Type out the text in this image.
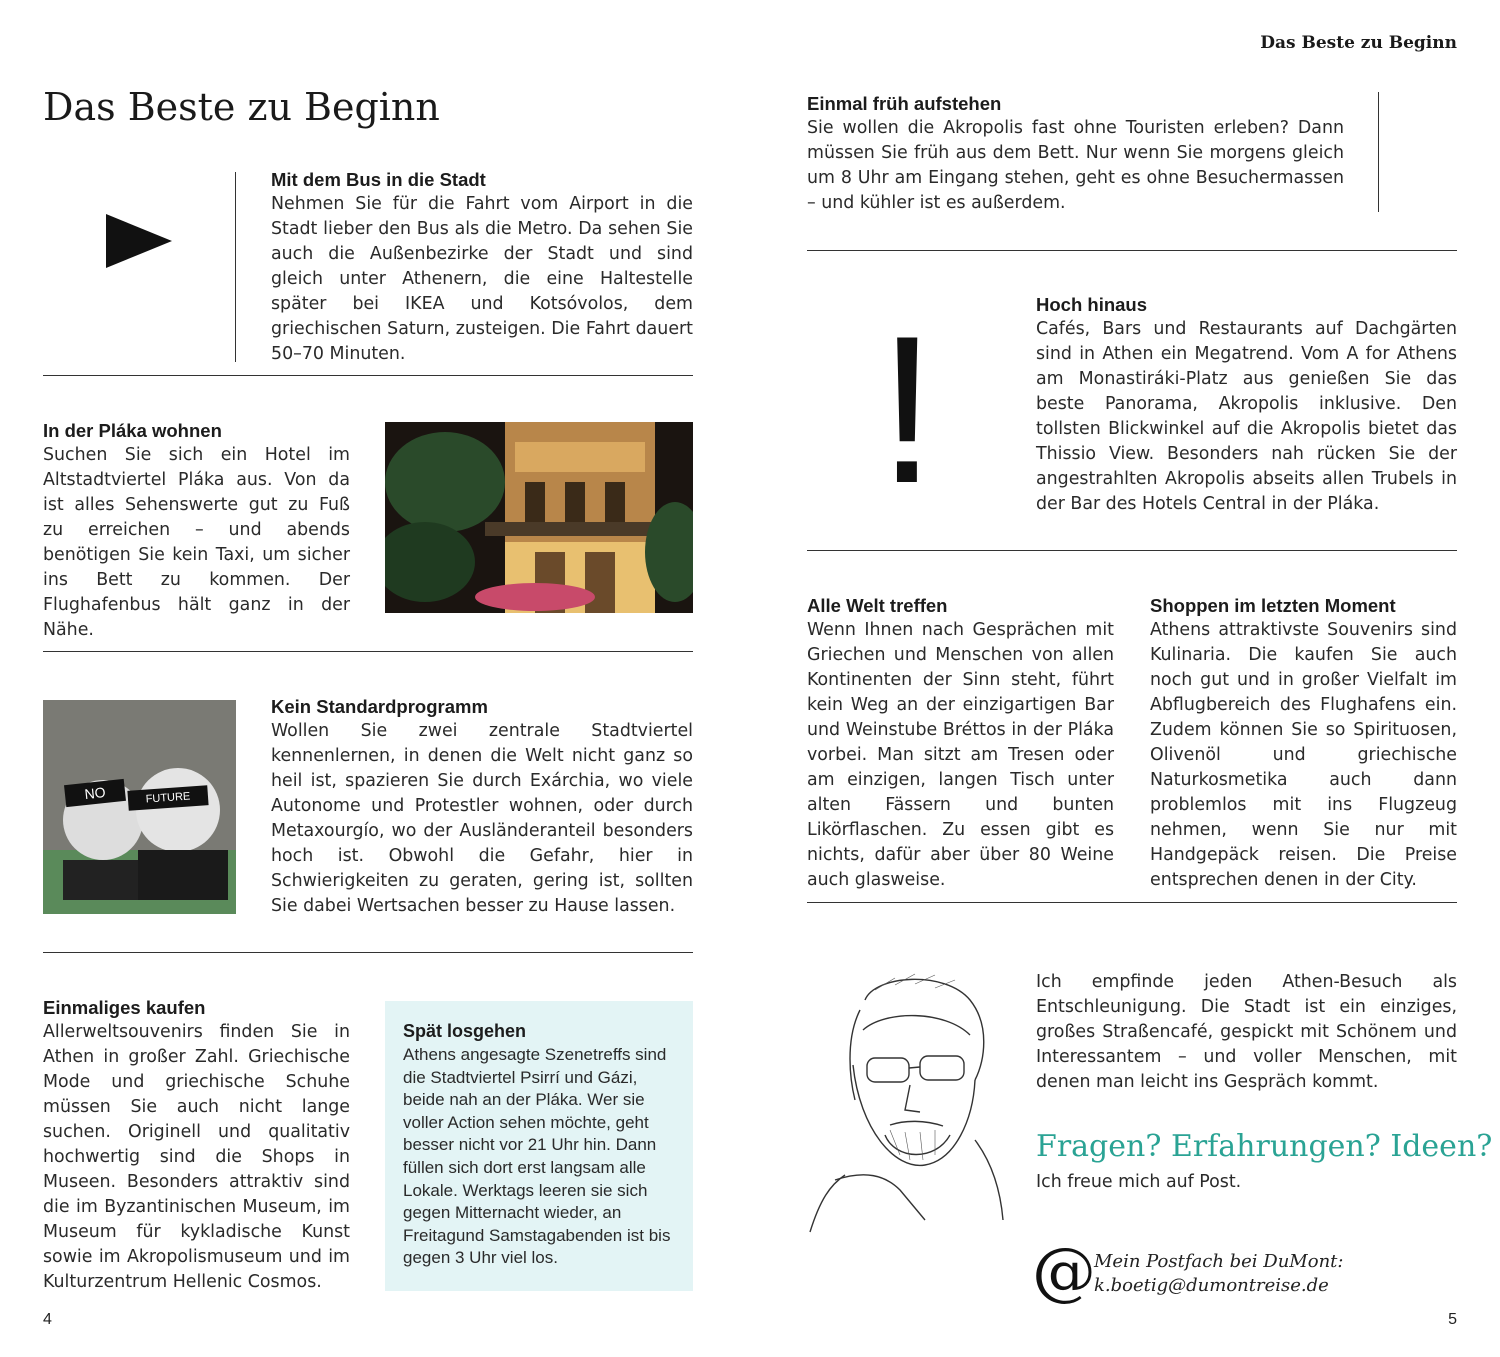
Das Beste zu Beginn
Das Beste zu Beginn
Mit dem Bus in die Stadt
Nehmen Sie für die Fahrt vom Airport in die Stadt lieber den Bus als die Metro. Da sehen Sie auch die Außenbezirke der Stadt und sind gleich unter Athenern, die eine Haltestelle später bei IKEA und Kotsóvolos, dem griechischen Saturn, zusteigen. Die Fahrt dauert 50–70 Minuten.
In der Pláka wohnen
Suchen Sie sich ein Hotel im Altstadtviertel Pláka aus. Von da ist alles Sehenswerte gut zu Fuß zu erreichen – und abends benötigen Sie kein Taxi, um sicher ins Bett zu kommen. Der Flughafenbus hält ganz in der Nähe.
NO	FUTURE
Kein Standardprogramm
Wollen Sie zwei zentrale Stadtviertel kennenlernen, in denen die Welt nicht ganz so heil ist, spazieren Sie durch Exárchia, wo viele Autonome und Protestler wohnen, oder durch Metaxourgío, wo der Ausländeranteil besonders hoch ist. Obwohl die Gefahr, hier in Schwierigkeiten zu geraten, gering ist, sollten Sie dabei Wertsachen besser zu Hause lassen.
Einmaliges kaufen
Allerweltsouvenirs finden Sie in Athen in großer Zahl. Griechische Mode und griechische Schuhe müssen Sie auch nicht lange suchen. Originell und qualitativ hochwertig sind die Shops in Museen. Besonders attraktiv sind die im Byzantinischen Museum, im Museum für kykladische Kunst sowie im Akropolismuseum und im Kulturzentrum Hellenic Cosmos.
Spät losgehen
Athens angesagte Szenetreffs sind die Stadtviertel Psirrí und Gázi, beide nah an der Pláka. Wer sie voller Action sehen möchte, geht besser nicht vor 21 Uhr hin. Dann füllen sich dort erst langsam alle Lokale. Werktags leeren sie sich gegen Mitternacht wieder, an Freitagund Samstagabenden ist bis gegen 3 Uhr viel los.
4
Einmal früh aufstehen
Sie wollen die Akropolis fast ohne Touristen erleben? Dann müssen Sie früh aus dem Bett. Nur wenn Sie morgens gleich um 8 Uhr am Eingang stehen, geht es ohne Besuchermassen – und kühler ist es außerdem.
!	Hoch hinaus
Cafés, Bars und Restaurants auf Dachgärten sind in Athen ein Megatrend. Vom A for Athens am Monastiráki-Platz aus genießen Sie das beste Panorama, Akropolis inklusive. Den tollsten Blickwinkel auf die Akropolis bietet das Thissio View. Besonders nah rücken Sie der angestrahlten Akropolis abseits allen Trubels in der Bar des Hotels Central in der Pláka.
Alle Welt treffen
Wenn Ihnen nach Gesprächen mit Griechen und Menschen von allen Kontinenten der Sinn steht, führt kein Weg an der einzigartigen Bar und Weinstube Bréttos in der Pláka vorbei. Man sitzt am Tresen oder am einzigen, langen Tisch unter alten Fässern und bunten Likörflaschen. Zu essen gibt es nichts, dafür aber über 80 Weine auch glasweise.
Shoppen im letzten Moment
Athens attraktivste Souvenirs sind Kulinaria. Die kaufen Sie auch noch gut und in großer Vielfalt im Abflugbereich des Flughafens ein. Zudem können Sie so Spirituosen, Olivenöl und griechische Naturkosmetika auch dann problemlos mit ins Flugzeug nehmen, wenn Sie nur mit Handgepäck reisen. Die Preise entsprechen denen in der City.
Ich empfinde jeden Athen-Besuch als Entschleunigung. Die Stadt ist ein einziges, großes Straßencafé, gespickt mit Schönem und Interessantem – und voller Menschen, mit denen man leicht ins Gespräch kommt.
Fragen? Erfahrungen? Ideen?
Ich freue mich auf Post.
@
Mein Postfach bei DuMont:
k.boetig@dumontreise.de
5
